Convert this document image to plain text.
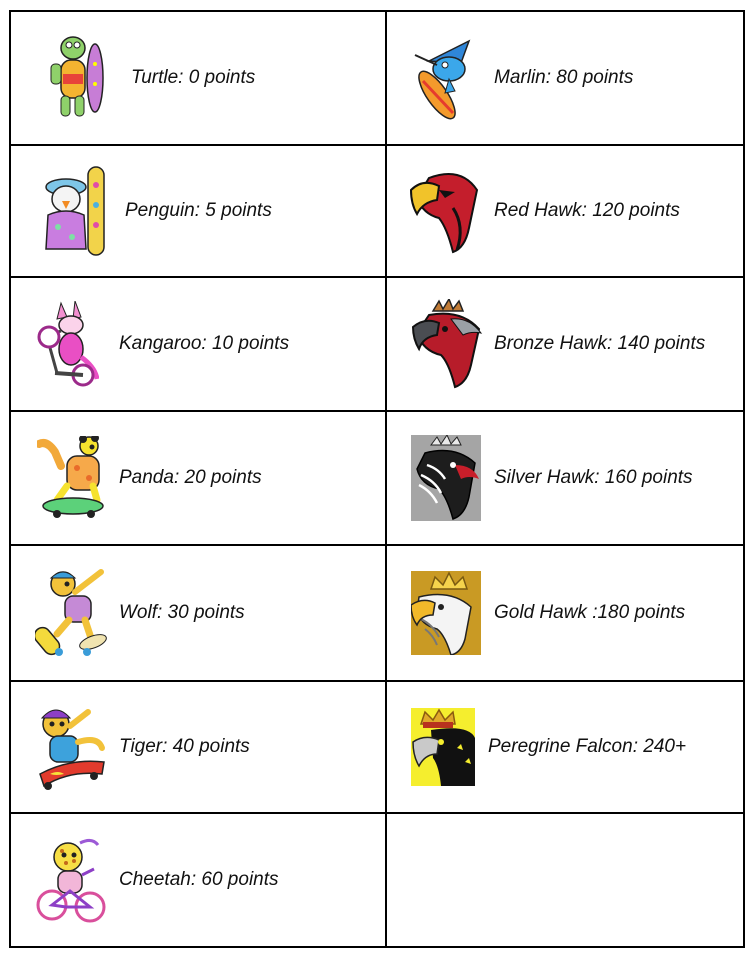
Turtle: 0 points	Marlin: 80 points

Penguin: 5 points	Red Hawk: 120 points

Kangaroo: 10 points	Bronze Hawk: 140 points

Panda: 20 points	Silver Hawk: 160 points

Wolf: 30 points	Gold Hawk :180 points

Tiger: 40 points	Peregrine Falcon: 240+

Cheetah: 60 points	
